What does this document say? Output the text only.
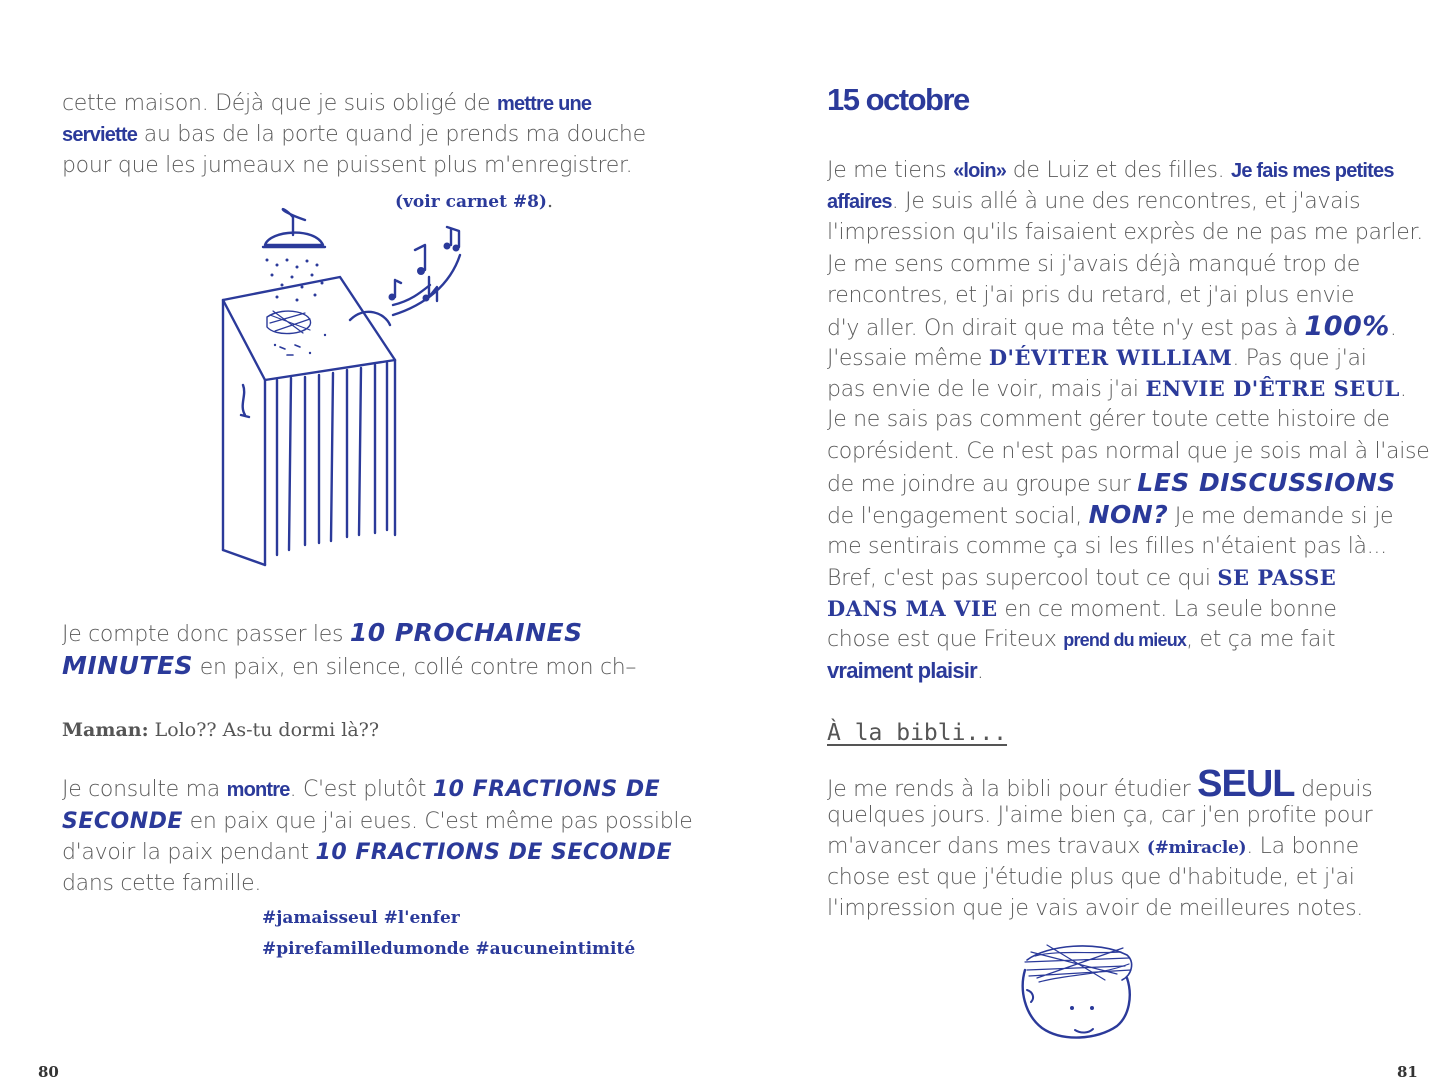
cette maison. Déjà que je suis obligé de mettre une
serviette au bas de la porte quand je prends ma douche
pour que les jumeaux ne puissent plus m'enregistrer.
(voir carnet #8).
Je compte donc passer les 10 PROCHAINES
MINUTES en paix, en silence, collé contre mon ch–
Maman: Lolo?? As-tu dormi là??
Je consulte ma montre. C'est plutôt 10 FRACTIONS DE
SECONDE en paix que j'ai eues. C'est même pas possible
d'avoir la paix pendant 10 FRACTIONS DE SECONDE
dans cette famille.
#jamaisseul #l'enfer
#pirefamilledumonde #aucuneintimité
80
15 octobre
Je me tiens «loin» de Luiz et des filles. Je fais mes petites
affaires. Je suis allé à une des rencontres, et j'avais
l'impression qu'ils faisaient exprès de ne pas me parler.
Je me sens comme si j'avais déjà manqué trop de
rencontres, et j'ai pris du retard, et j'ai plus envie
d'y aller. On dirait que ma tête n'y est pas à 100%.
J'essaie même D'ÉVITER WILLIAM. Pas que j'ai
pas envie de le voir, mais j'ai ENVIE D'ÊTRE SEUL.
Je ne sais pas comment gérer toute cette histoire de
coprésident. Ce n'est pas normal que je sois mal à l'aise
de me joindre au groupe sur LES DISCUSSIONS
de l'engagement social, NON? Je me demande si je
me sentirais comme ça si les filles n'étaient pas là...
Bref, c'est pas supercool tout ce qui SE PASSE
DANS MA VIE en ce moment. La seule bonne
chose est que Friteux prend du mieux, et ça me fait
vraiment plaisir.
À la bibli...
Je me rends à la bibli pour étudier SEUL depuis
quelques jours. J'aime bien ça, car j'en profite pour
m'avancer dans mes travaux (#miracle). La bonne
chose est que j'étudie plus que d'habitude, et j'ai
l'impression que je vais avoir de meilleures notes.
81
